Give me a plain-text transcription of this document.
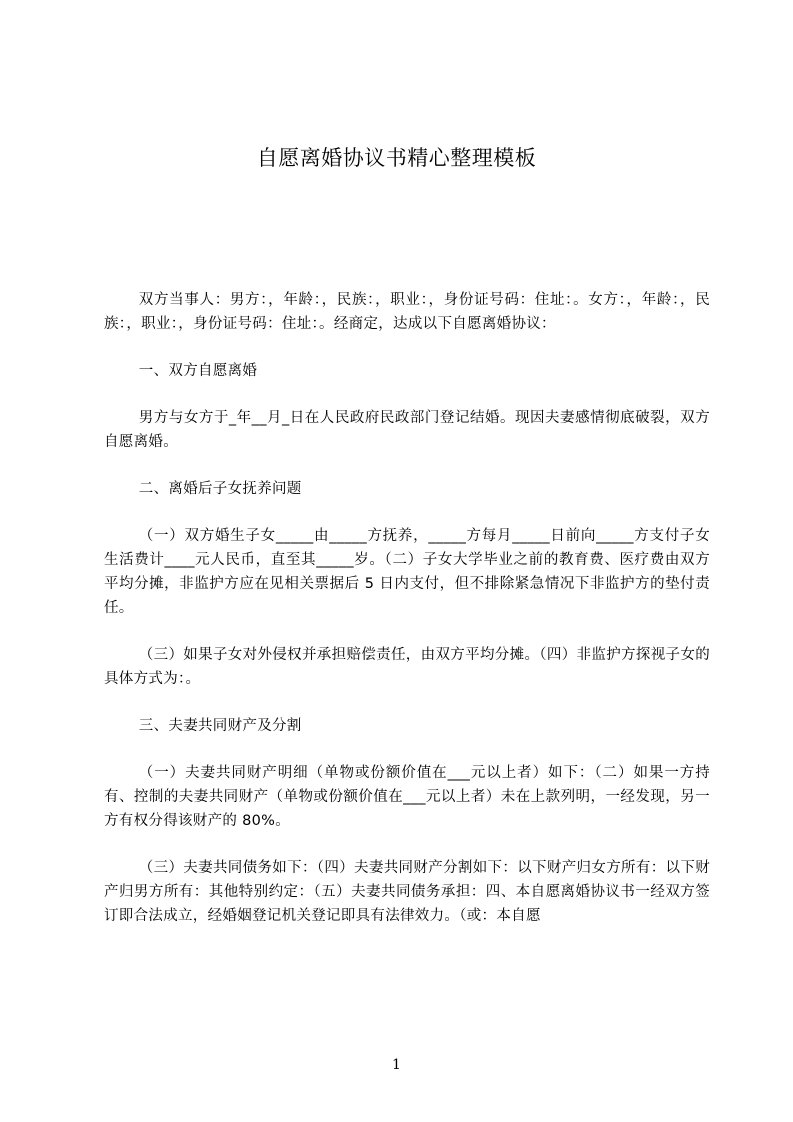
自愿离婚协议书精心整理模板

双方当事人：男方：，年龄：，民族：，职业：，身份证号码：住址：。女方：，年龄：，民族：，职业：，身份证号码：住址：。经商定，达成以下自愿离婚协议：

一、双方自愿离婚

男方与女方于_年__月_日在人民政府民政部门登记结婚。现因夫妻感情彻底破裂，双方自愿离婚。

二、离婚后子女抚养问题

（一）双方婚生子女_____由_____方抚养，_____方每月_____日前向_____方支付子女生活费计____元人民币，直至其_____岁。（二）子女大学毕业之前的教育费、医疗费由双方平均分摊，非监护方应在见相关票据后 5 日内支付，但不排除紧急情况下非监护方的垫付责任。

（三）如果子女对外侵权并承担赔偿责任，由双方平均分摊。（四）非监护方探视子女的具体方式为：。

三、夫妻共同财产及分割

（一）夫妻共同财产明细（单物或份额价值在___元以上者）如下：（二）如果一方持有、控制的夫妻共同财产（单物或份额价值在___元以上者）未在上款列明，一经发现，另一方有权分得该财产的 80%。

（三）夫妻共同债务如下：（四）夫妻共同财产分割如下：以下财产归女方所有：以下财产归男方所有：其他特别约定：（五）夫妻共同债务承担：四、本自愿离婚协议书一经双方签订即合法成立，经婚姻登记机关登记即具有法律效力。（或：本自愿

1
